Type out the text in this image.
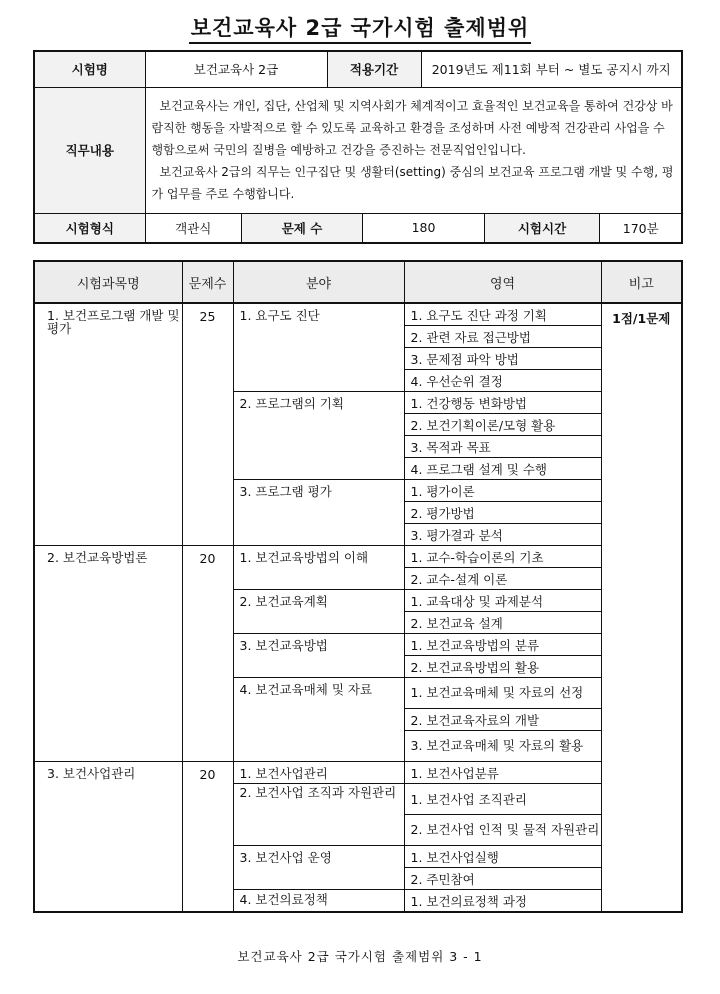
보건교육사 2급 국가시험 출제범위
시험명	보건교육사 2급	적용기간	2019년도 제11회 부터 ~ 별도 공지시 까지
직무내용	

보건교육사는 개인, 집단, 산업체 및 지역사회가 체계적이고 효율적인 보건교육을 통하여 건강상 바람직한 행동을 자발적으로 할 수 있도록 교육하고 환경을 조성하며 사전 예방적 건강관리 사업을 수행함으로써 국민의 질병을 예방하고 건강을 증진하는 전문직업인입니다.

보건교육사 2급의 직무는 인구집단 및 생활터(setting) 중심의 보건교육 프로그램 개발 및 수행, 평가 업무를 주로 수행합니다.

시험형식		객관식	문제 수	180	시험시간	170분
시험과목명	문제수	분야	영역	비고
1. 보건프로그램 개발 및 평가	25	1. 요구도 진단	1. 요구도 진단 과정 기획	1점/1문제
			2. 관련 자료 접근방법	
			3. 문제점 파악 방법	
			4. 우선순위 결정	
		2. 프로그램의 기획	1. 건강행동 변화방법	
			2. 보건기획이론/모형 활용	
			3. 목적과 목표	
			4. 프로그램 설계 및 수행	
		3. 프로그램 평가	1. 평가이론	
			2. 평가방법	
			3. 평가결과 분석	
2. 보건교육방법론	20	1. 보건교육방법의 이해	1. 교수-학습이론의 기초	
			2. 교수-설계 이론	
		2. 보건교육계획	1. 교육대상 및 과제분석	
			2. 보건교육 설계	
		3. 보건교육방법	1. 보건교육방법의 분류	
			2. 보건교육방법의 활용	
		4. 보건교육매체 및 자료	1. 보건교육매체 및 자료의 선정	
			2. 보건교육자료의 개발	
			3. 보건교육매체 및 자료의 활용	
3. 보건사업관리	20	1. 보건사업관리	1. 보건사업분류	
		2. 보건사업 조직과 자원관리	1. 보건사업 조직관리	
			2. 보건사업 인적 및 물적 자원관리	
		3. 보건사업 운영	1. 보건사업실행	
			2. 주민참여	
		4. 보건의료정책	1. 보건의료정책 과정	
보건교육사 2급 국가시험 출제범위 3 - 1
